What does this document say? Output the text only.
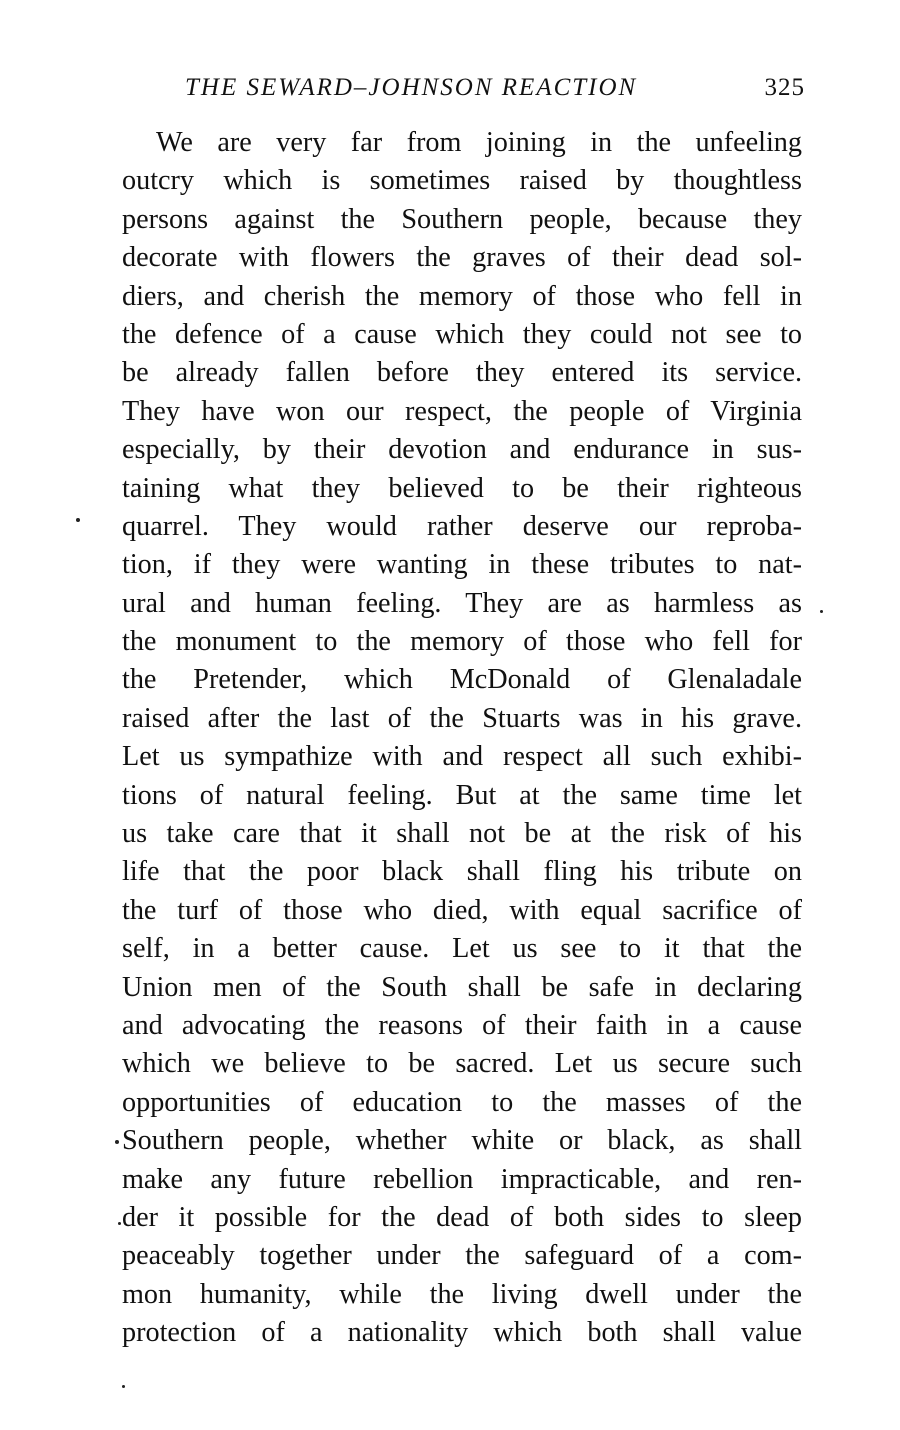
THE SEWARD–JOHNSON REACTION	325
We are very far from joining in the unfeeling
outcry which is sometimes raised by thoughtless
persons against the Southern people, because they
decorate with flowers the graves of their dead sol-
diers, and cherish the memory of those who fell in
the defence of a cause which they could not see to
be already fallen before they entered its service.
They have won our respect, the people of Virginia
especially, by their devotion and endurance in sus-
taining what they believed to be their righteous
quarrel. They would rather deserve our reproba-
tion, if they were wanting in these tributes to nat-
ural and human feeling. They are as harmless as
the monument to the memory of those who fell for
the Pretender, which McDonald of Glenaladale
raised after the last of the Stuarts was in his grave.
Let us sympathize with and respect all such exhibi-
tions of natural feeling. But at the same time let
us take care that it shall not be at the risk of his
life that the poor black shall fling his tribute on
the turf of those who died, with equal sacrifice of
self, in a better cause. Let us see to it that the
Union men of the South shall be safe in declaring
and advocating the reasons of their faith in a cause
which we believe to be sacred. Let us secure such
opportunities of education to the masses of the
Southern people, whether white or black, as shall
make any future rebellion impracticable, and ren-
der it possible for the dead of both sides to sleep
peaceably together under the safeguard of a com-
mon humanity, while the living dwell under the
protection of a nationality which both shall value
